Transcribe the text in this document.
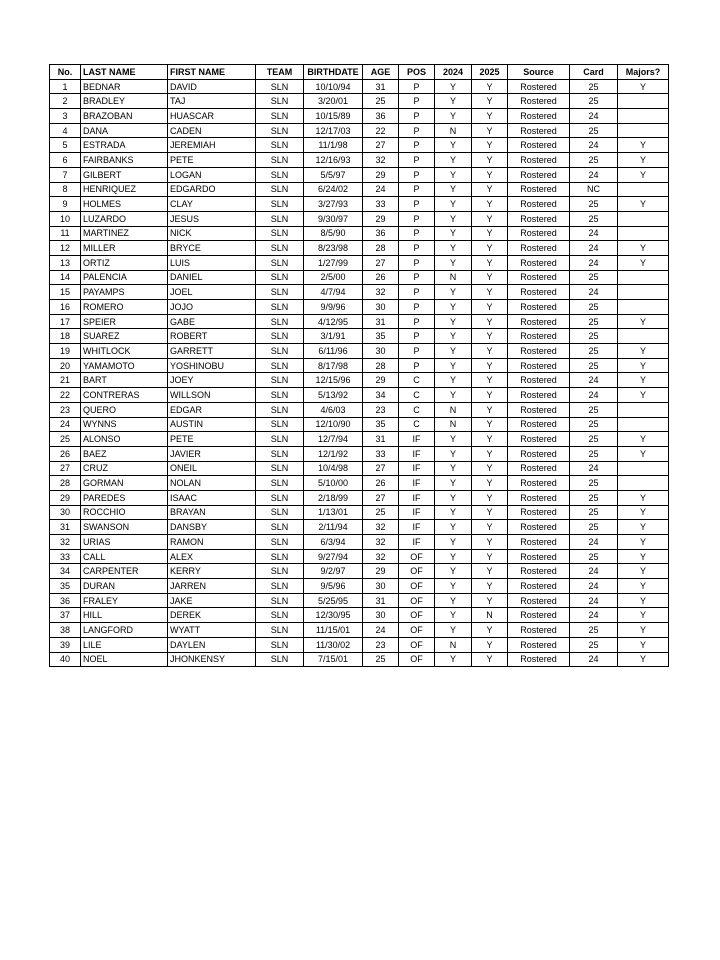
No.	LAST NAME	FIRST NAME	TEAM	BIRTHDATE	AGE	POS	2024	2025	Source	Card	Majors?
1	BEDNAR	DAVID	SLN	10/10/94	31	P	Y	Y	Rostered	25	Y
2	BRADLEY	TAJ	SLN	3/20/01	25	P	Y	Y	Rostered	25	
3	BRAZOBAN	HUASCAR	SLN	10/15/89	36	P	Y	Y	Rostered	24	
4	DANA	CADEN	SLN	12/17/03	22	P	N	Y	Rostered	25	
5	ESTRADA	JEREMIAH	SLN	11/1/98	27	P	Y	Y	Rostered	24	Y
6	FAIRBANKS	PETE	SLN	12/16/93	32	P	Y	Y	Rostered	25	Y
7	GILBERT	LOGAN	SLN	5/5/97	29	P	Y	Y	Rostered	24	Y
8	HENRIQUEZ	EDGARDO	SLN	6/24/02	24	P	Y	Y	Rostered	NC	
9	HOLMES	CLAY	SLN	3/27/93	33	P	Y	Y	Rostered	25	Y
10	LUZARDO	JESUS	SLN	9/30/97	29	P	Y	Y	Rostered	25	
11	MARTINEZ	NICK	SLN	8/5/90	36	P	Y	Y	Rostered	24	
12	MILLER	BRYCE	SLN	8/23/98	28	P	Y	Y	Rostered	24	Y
13	ORTIZ	LUIS	SLN	1/27/99	27	P	Y	Y	Rostered	24	Y
14	PALENCIA	DANIEL	SLN	2/5/00	26	P	N	Y	Rostered	25	
15	PAYAMPS	JOEL	SLN	4/7/94	32	P	Y	Y	Rostered	24	
16	ROMERO	JOJO	SLN	9/9/96	30	P	Y	Y	Rostered	25	
17	SPEIER	GABE	SLN	4/12/95	31	P	Y	Y	Rostered	25	Y
18	SUAREZ	ROBERT	SLN	3/1/91	35	P	Y	Y	Rostered	25	
19	WHITLOCK	GARRETT	SLN	6/11/96	30	P	Y	Y	Rostered	25	Y
20	YAMAMOTO	YOSHINOBU	SLN	8/17/98	28	P	Y	Y	Rostered	25	Y
21	BART	JOEY	SLN	12/15/96	29	C	Y	Y	Rostered	24	Y
22	CONTRERAS	WILLSON	SLN	5/13/92	34	C	Y	Y	Rostered	24	Y
23	QUERO	EDGAR	SLN	4/6/03	23	C	N	Y	Rostered	25	
24	WYNNS	AUSTIN	SLN	12/10/90	35	C	N	Y	Rostered	25	
25	ALONSO	PETE	SLN	12/7/94	31	IF	Y	Y	Rostered	25	Y
26	BAEZ	JAVIER	SLN	12/1/92	33	IF	Y	Y	Rostered	25	Y
27	CRUZ	ONEIL	SLN	10/4/98	27	IF	Y	Y	Rostered	24	
28	GORMAN	NOLAN	SLN	5/10/00	26	IF	Y	Y	Rostered	25	
29	PAREDES	ISAAC	SLN	2/18/99	27	IF	Y	Y	Rostered	25	Y
30	ROCCHIO	BRAYAN	SLN	1/13/01	25	IF	Y	Y	Rostered	25	Y
31	SWANSON	DANSBY	SLN	2/11/94	32	IF	Y	Y	Rostered	25	Y
32	URIAS	RAMON	SLN	6/3/94	32	IF	Y	Y	Rostered	24	Y
33	CALL	ALEX	SLN	9/27/94	32	OF	Y	Y	Rostered	25	Y
34	CARPENTER	KERRY	SLN	9/2/97	29	OF	Y	Y	Rostered	24	Y
35	DURAN	JARREN	SLN	9/5/96	30	OF	Y	Y	Rostered	24	Y
36	FRALEY	JAKE	SLN	5/25/95	31	OF	Y	Y	Rostered	24	Y
37	HILL	DEREK	SLN	12/30/95	30	OF	Y	N	Rostered	24	Y
38	LANGFORD	WYATT	SLN	11/15/01	24	OF	Y	Y	Rostered	25	Y
39	LILE	DAYLEN	SLN	11/30/02	23	OF	N	Y	Rostered	25	Y
40	NOEL	JHONKENSY	SLN	7/15/01	25	OF	Y	Y	Rostered	24	Y
